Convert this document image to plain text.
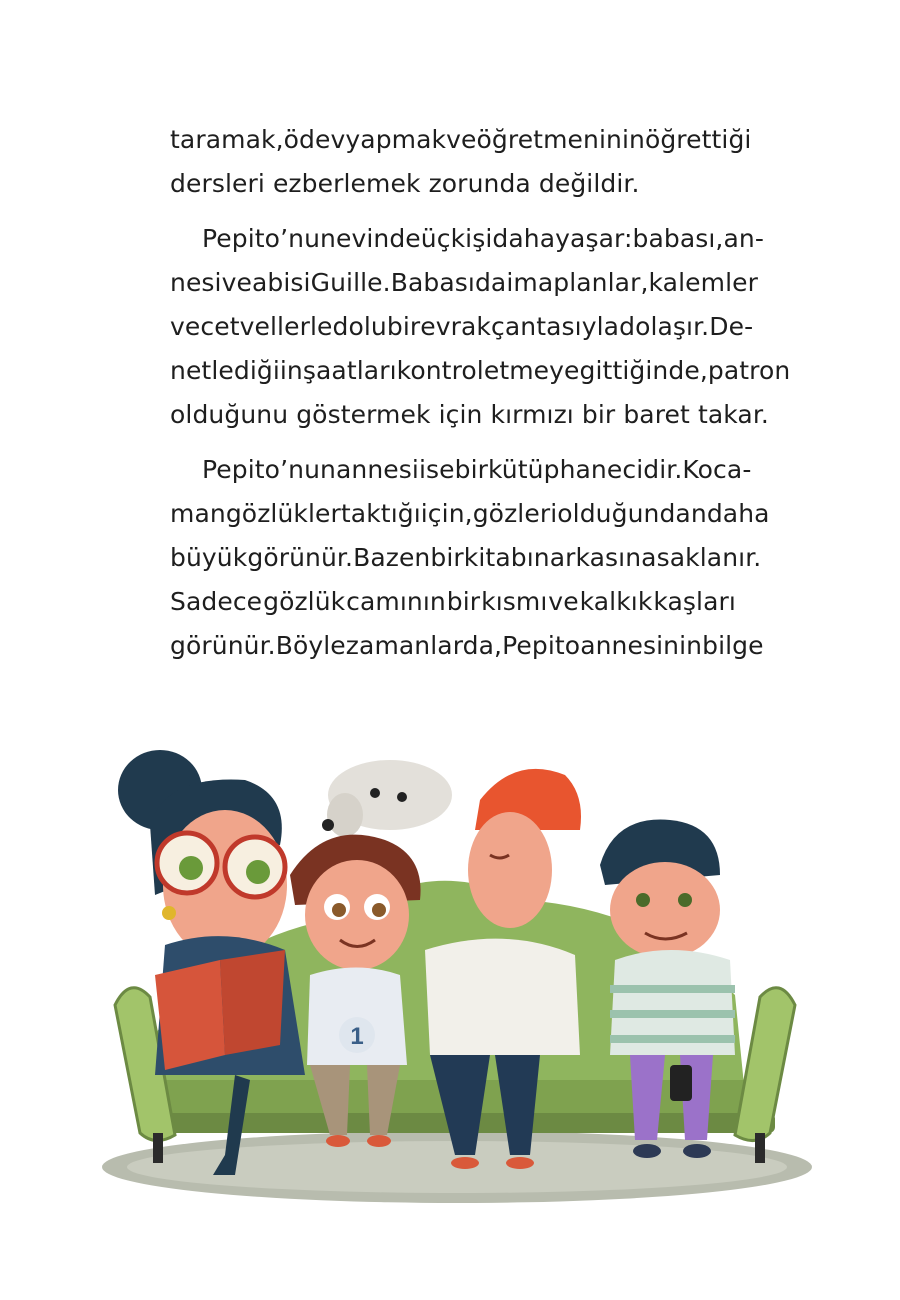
taramak, ödev yapmak ve öğretmeninin öğrettiği
dersleri ezberlemek zorunda değildir.
Pepito’nun evinde üç kişi daha yaşar: babası, an-
nesi ve abisi Guille. Babası daima planlar, kalemler
ve cetvellerle dolu bir evrak çantasıyla dolaşır. De-
netlediği inşaatları kontrol etmeye gittiğinde, patron
olduğunu göstermek için kırmızı bir baret takar.
Pepito’nun annesi ise bir kütüphanecidir. Koca-
man gözlükler taktığı için, gözleri olduğundan daha
büyük görünür. Bazen bir kitabın arkasına saklanır.
Sadece gözlük camının bir kısmı ve kalkık kaşları
görünür. Böyle zamanlarda, Pepito annesinin bilge
1
